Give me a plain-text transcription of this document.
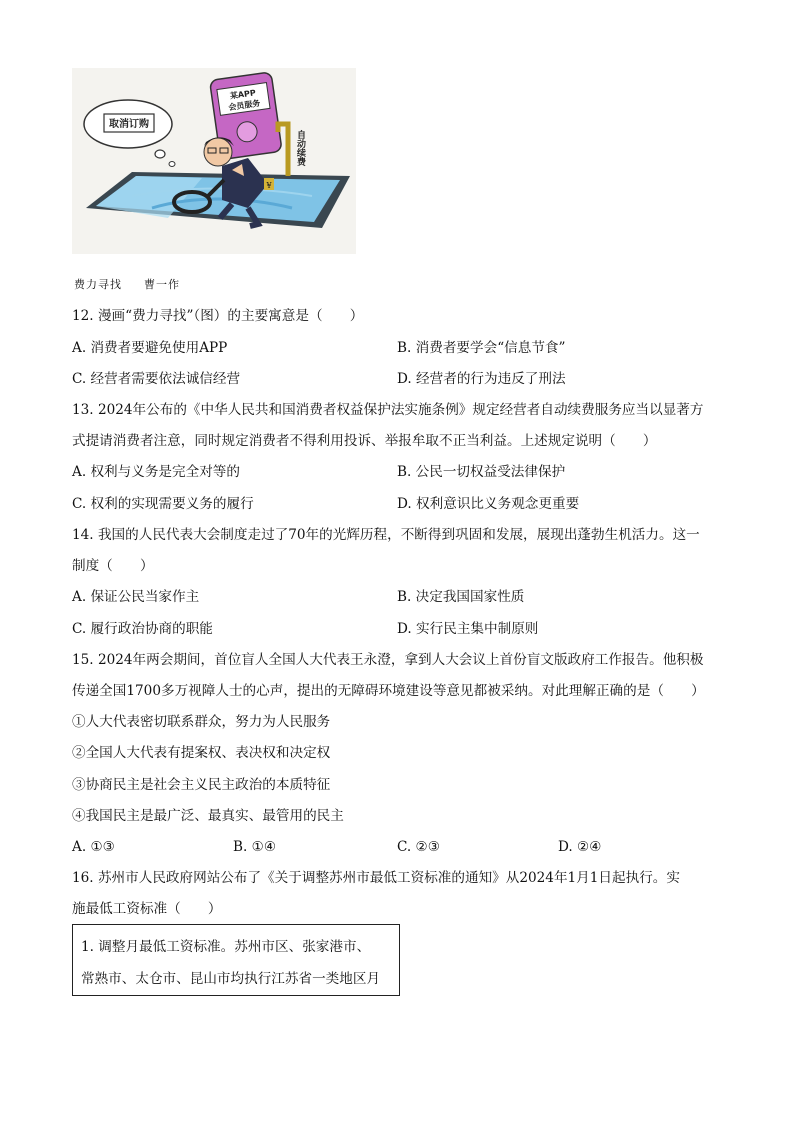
取消订购
某APP
会员服务
自动续费
¥
费力寻找 曹一作
12. 漫画“费力寻找”（图）的主要寓意是（　　）
A. 消费者要避免使用APP	B. 消费者要学会“信息节食”
C. 经营者需要依法诚信经营	D. 经营者的行为违反了刑法
13. 2024年公布的《中华人民共和国消费者权益保护法实施条例》规定经营者自动续费服务应当以显著方
式提请消费者注意，同时规定消费者不得利用投诉、举报牟取不正当利益。上述规定说明（　　）
A. 权利与义务是完全对等的	B. 公民一切权益受法律保护
C. 权利的实现需要义务的履行	D. 权利意识比义务观念更重要
14. 我国的人民代表大会制度走过了70年的光辉历程，不断得到巩固和发展，展现出蓬勃生机活力。这一
制度（　　）
A. 保证公民当家作主	B. 决定我国国家性质
C. 履行政治协商的职能	D. 实行民主集中制原则
15. 2024年两会期间，首位盲人全国人大代表王永澄，拿到人大会议上首份盲文版政府工作报告。他积极
传递全国1700多万视障人士的心声，提出的无障碍环境建设等意见都被采纳。对此理解正确的是（　　）
①人大代表密切联系群众，努力为人民服务
②全国人大代表有提案权、表决权和决定权
③协商民主是社会主义民主政治的本质特征
④我国民主是最广泛、最真实、最管用的民主
A. ①③	B. ①④	C. ②③	D. ②④
16. 苏州市人民政府网站公布了《关于调整苏州市最低工资标准的通知》从2024年1月1日起执行。实
施最低工资标准（　　）
1. 调整月最低工资标准。苏州市区、张家港市、
常熟市、太仓市、昆山市均执行江苏省一类地区月
